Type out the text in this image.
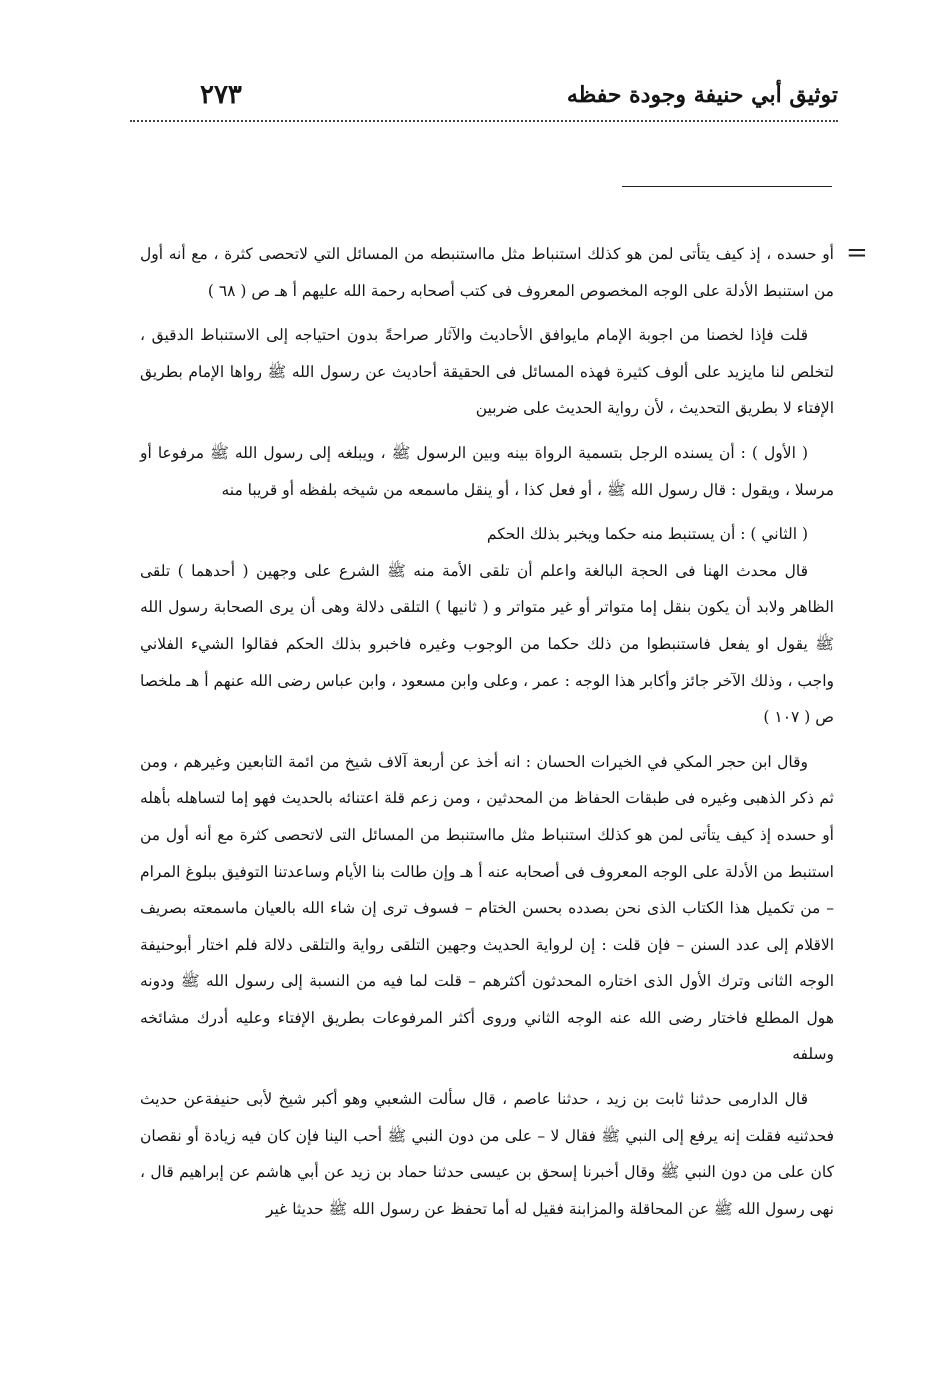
توثيق أبي حنيفة وجودة حفظه
٢٧٣
=

أو حسده ، إذ كيف يتأتى لمن هو كذلك استنباط مثل مااستنبطه من المسائل التي لاتحصى كثرة ، مع أنه أول من استنبط الأدلة على الوجه المخصوص المعروف فى كتب أصحابه رحمة الله عليهم أ هـ ص ( ٦٨ )

قلت فإذا لخصنا من اجوبة الإمام مايوافق الأحاديث والآثار صراحةً بدون احتياجه إلى الاستنباط الدقيق ، لتخلص لنا مايزيد على ألوف كثيرة فهذه المسائل فى الحقيقة أحاديث عن رسول الله ﷺ رواها الإمام بطريق الإفتاء لا بطريق التحديث ، لأن رواية الحديث على ضربين

( الأول ) : أن يسنده الرجل بتسمية الرواة بينه وبين الرسول ﷺ ، ويبلغه إلى رسول الله ﷺ مرفوعا أو مرسلا ، ويقول : قال رسول الله ﷺ ، أو فعل كذا ، أو ينقل ماسمعه من شيخه بلفظه أو قريبا منه

( الثاني ) : أن يستنبط منه حكما ويخبر بذلك الحكم

قال محدث الهنا فى الحجة البالغة واعلم أن تلقى الأمة منه ﷺ الشرع على وجهين ( أحدهما ) تلقى الظاهر ولابد أن يكون بنقل إما متواتر أو غير متواتر و ( ثانيها ) التلقى دلالة وهى أن يرى الصحابة رسول الله ﷺ يقول او يفعل فاستنبطوا من ذلك حكما من الوجوب وغيره فاخبرو بذلك الحكم فقالوا الشيء الفلاني واجب ، وذلك الآخر جائز وأكابر هذا الوجه : عمر ، وعلى وابن مسعود ، وابن عباس رضى الله عنهم أ هـ ملخصا ص ( ١٠٧ )

وقال ابن حجر المكي في الخيرات الحسان : انه أخذ عن أربعة آلاف شيخ من ائمة التابعين وغيرهم ، ومن ثم ذكر الذهبى وغيره فى طبقات الحفاظ من المحدثين ، ومن زعم قلة اعتنائه بالحديث فهو إما لتساهله بأهله أو حسده إذ كيف يتأتى لمن هو كذلك استنباط مثل مااستنبط من المسائل التى لاتحصى كثرة مع أنه أول من استنبط من الأدلة على الوجه المعروف فى أصحابه عنه أ هـ وإن طالت بنا الأيام وساعدتنا التوفيق ببلوغ المرام – من تكميل هذا الكتاب الذى نحن بصدده بحسن الختام – فسوف ترى إن شاء الله بالعيان ماسمعته بصريف الاقلام إلى عدد السنن – فإن قلت : إن لرواية الحديث وجهين التلقى رواية والتلقى دلالة فلم اختار أبوحنيفة الوجه الثانى وترك الأول الذى اختاره المحدثون أكثرهم – قلت لما فيه من النسبة إلى رسول الله ﷺ ودونه هول المطلع فاختار رضى الله عنه الوجه الثاني وروى أكثر المرفوعات بطريق الإفتاء وعليه أدرك مشائخه وسلفه

قال الدارمى حدثنا ثابت بن زيد ، حدثنا عاصم ، قال سألت الشعبي وهو أكبر شيخ لأبى حنيفةعن حديث فحدثنيه فقلت إنه يرفع إلى النبي ﷺ فقال لا – على من دون النبي ﷺ أحب الينا فإن كان فيه زيادة أو نقصان كان على من دون النبي ﷺ وقال أخبرنا إسحق بن عيسى حدثنا حماد بن زيد عن أبي هاشم عن إبراهيم قال ، نهى رسول الله ﷺ عن المحاقلة والمزابنة فقيل له أما تحفظ عن رسول الله ﷺ حديثا غير
